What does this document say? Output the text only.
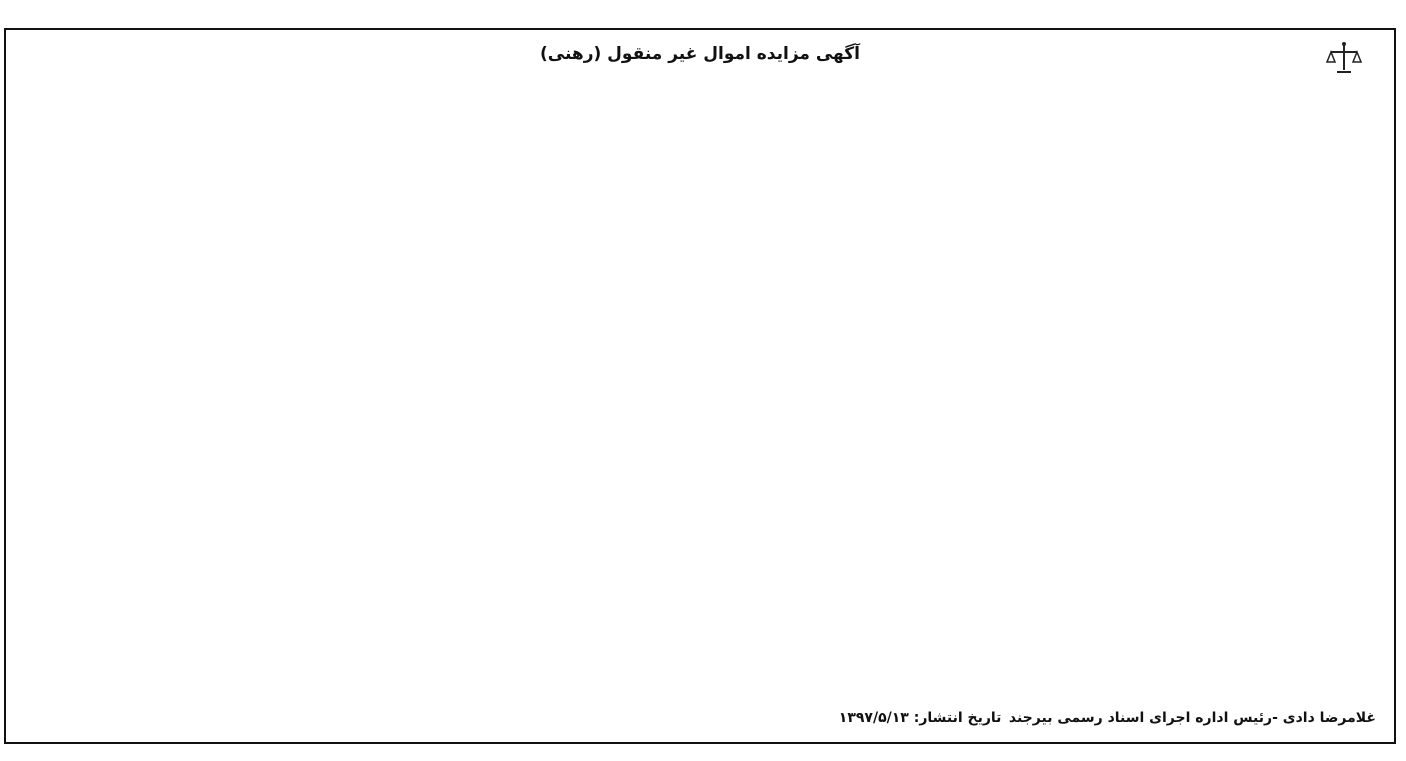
آگهی مزایده اموال غیر منقول (رهنی)
غلامرضا دادی -رئیس اداره اجرای اسناد رسمی بیرجند
تاریخ انتشار: ۱۳۹۷/۵/۱۳
